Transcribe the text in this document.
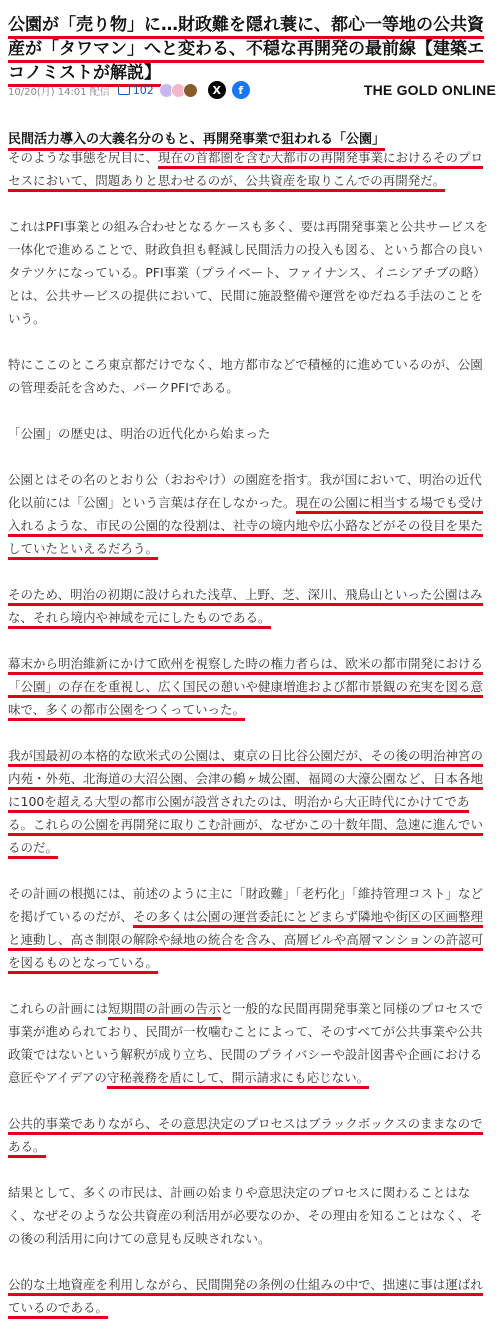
公園が「売り物」に…財政難を隠れ蓑に、都心一等地の公共資産が「タワマン」へと変わる、不穏な再開発の最前線【建築エコノミストが解説】
10/20(月) 14:01 配信 102	X	f	THE GOLD ONLINE
民間活力導入の大義名分のもと、再開発事業で狙われる「公園」

そのような事態を尻目に、現在の首都圏を含む大都市の再開発事業におけるそのプロセスにおいて、問題ありと思わせるのが、公共資産を取りこんでの再開発だ。

これはPFI事業との組み合わせとなるケースも多く、要は再開発事業と公共サービスを一体化で進めることで、財政負担も軽減し民間活力の投入も図る、という都合の良いタテツケになっている。PFI事業（プライベート、ファイナンス、イニシアチブの略）とは、公共サービスの提供において、民間に施設整備や運営をゆだねる手法のことをいう。

特にここのところ東京都だけでなく、地方都市などで積極的に進めているのが、公園の管理委託を含めた、パークPFIである。

「公園」の歴史は、明治の近代化から始まった

公園とはその名のとおり公（おおやけ）の園庭を指す。我が国において、明治の近代化以前には「公園」という言葉は存在しなかった。現在の公園に相当する場でも受け入れるような、市民の公園的な役割は、社寺の境内地や広小路などがその役目を果たしていたといえるだろう。

そのため、明治の初期に設けられた浅草、上野、芝、深川、飛鳥山といった公園はみな、それら境内や神域を元にしたものである。

幕末から明治維新にかけて欧州を視察した時の権力者らは、欧米の都市開発における「公園」の存在を重視し、広く国民の憩いや健康増進および都市景観の充実を図る意味で、多くの都市公園をつくっていった。

我が国最初の本格的な欧米式の公園は、東京の日比谷公園だが、その後の明治神宮の内苑・外苑、北海道の大沼公園、会津の鶴ヶ城公園、福岡の大濠公園など、日本各地に100を超える大型の都市公園が設営されたのは、明治から大正時代にかけてである。これらの公園を再開発に取りこむ計画が、なぜかこの十数年間、急速に進んでいるのだ。

その計画の根拠には、前述のように主に「財政難」「老朽化」「維持管理コスト」などを掲げているのだが、その多くは公園の運営委託にとどまらず隣地や街区の区画整理と連動し、高さ制限の解除や緑地の統合を含み、高層ビルや高層マンションの許認可を図るものとなっている。

これらの計画には短期間の計画の告示と一般的な民間再開発事業と同様のプロセスで事業が進められており、民間が一枚噛むことによって、そのすべてが公共事業や公共政策ではないという解釈が成り立ち、民間のプライバシーや設計図書や企画における意匠やアイデアの守秘義務を盾にして、開示請求にも応じない。

公共的事業でありながら、その意思決定のプロセスはブラックボックスのままなのである。

結果として、多くの市民は、計画の始まりや意思決定のプロセスに関わることはなく、なぜそのような公共資産の利活用が必要なのか、その理由を知ることはなく、その後の利活用に向けての意見も反映されない。

公的な土地資産を利用しながら、民間開発の条例の仕組みの中で、拙速に事は運ばれているのである。
